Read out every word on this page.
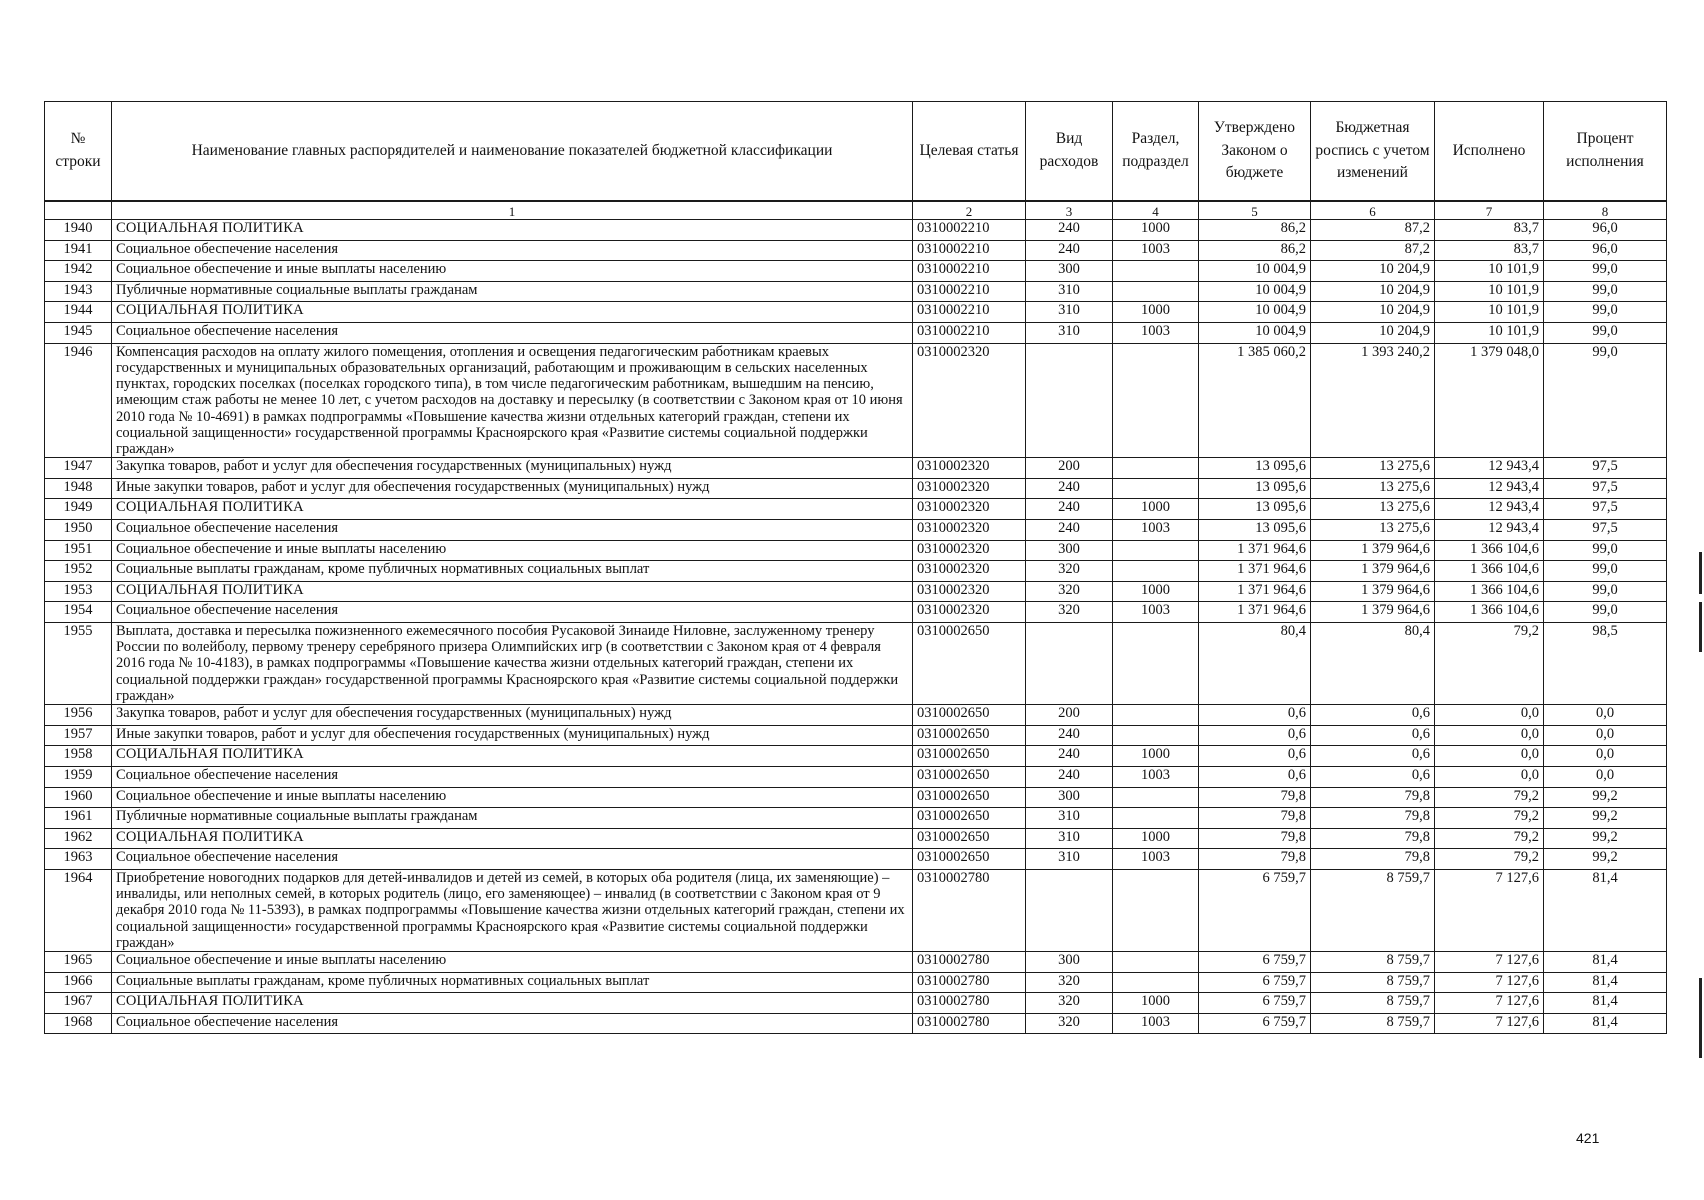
№ строки	Наименование главных распорядителей и наименование показателей бюджетной классификации	Целевая статья	Вид расходов	Раздел, подраздел	Утверждено Законом о бюджете	Бюджетная роспись с учетом изменений	Исполнено	Процент исполнения
	1	2	3	4	5	6	7	8
1940	СОЦИАЛЬНАЯ ПОЛИТИКА	0310002210	240	1000	86,2	87,2	83,7	96,0
1941	Социальное обеспечение населения	0310002210	240	1003	86,2	87,2	83,7	96,0
1942	Социальное обеспечение и иные выплаты населению	0310002210	300		10 004,9	10 204,9	10 101,9	99,0
1943	Публичные нормативные социальные выплаты гражданам	0310002210	310		10 004,9	10 204,9	10 101,9	99,0
1944	СОЦИАЛЬНАЯ ПОЛИТИКА	0310002210	310	1000	10 004,9	10 204,9	10 101,9	99,0
1945	Социальное обеспечение населения	0310002210	310	1003	10 004,9	10 204,9	10 101,9	99,0
1946	Компенсация расходов на оплату жилого помещения, отопления и освещения педагогическим работникам краевых государственных и муниципальных образовательных организаций, работающим и проживающим в сельских населенных пунктах, городских поселках (поселках городского типа), в том числе педагогическим работникам, вышедшим на пенсию, имеющим стаж работы не менее 10 лет, с учетом расходов на доставку и пересылку (в соответствии с Законом края от 10 июня 2010 года № 10-4691) в рамках подпрограммы «Повышение качества жизни отдельных категорий граждан, степени их социальной защищенности» государственной программы Красноярского края «Развитие системы социальной поддержки граждан»	0310002320			1 385 060,2	1 393 240,2	1 379 048,0	99,0
1947	Закупка товаров, работ и услуг для обеспечения государственных (муниципальных) нужд	0310002320	200		13 095,6	13 275,6	12 943,4	97,5
1948	Иные закупки товаров, работ и услуг для обеспечения государственных (муниципальных) нужд	0310002320	240		13 095,6	13 275,6	12 943,4	97,5
1949	СОЦИАЛЬНАЯ ПОЛИТИКА	0310002320	240	1000	13 095,6	13 275,6	12 943,4	97,5
1950	Социальное обеспечение населения	0310002320	240	1003	13 095,6	13 275,6	12 943,4	97,5
1951	Социальное обеспечение и иные выплаты населению	0310002320	300		1 371 964,6	1 379 964,6	1 366 104,6	99,0
1952	Социальные выплаты гражданам, кроме публичных нормативных социальных выплат	0310002320	320		1 371 964,6	1 379 964,6	1 366 104,6	99,0
1953	СОЦИАЛЬНАЯ ПОЛИТИКА	0310002320	320	1000	1 371 964,6	1 379 964,6	1 366 104,6	99,0
1954	Социальное обеспечение населения	0310002320	320	1003	1 371 964,6	1 379 964,6	1 366 104,6	99,0
1955	Выплата, доставка и пересылка пожизненного ежемесячного пособия Русаковой Зинаиде Ниловне, заслуженному тренеру России по волейболу, первому тренеру серебряного призера Олимпийских игр (в соответствии с Законом края от 4 февраля 2016 года № 10-4183), в рамках подпрограммы «Повышение качества жизни отдельных категорий граждан, степени их социальной поддержки граждан» государственной программы Красноярского края «Развитие системы социальной поддержки граждан»	0310002650			80,4	80,4	79,2	98,5
1956	Закупка товаров, работ и услуг для обеспечения государственных (муниципальных) нужд	0310002650	200		0,6	0,6	0,0	0,0
1957	Иные закупки товаров, работ и услуг для обеспечения государственных (муниципальных) нужд	0310002650	240		0,6	0,6	0,0	0,0
1958	СОЦИАЛЬНАЯ ПОЛИТИКА	0310002650	240	1000	0,6	0,6	0,0	0,0
1959	Социальное обеспечение населения	0310002650	240	1003	0,6	0,6	0,0	0,0
1960	Социальное обеспечение и иные выплаты населению	0310002650	300		79,8	79,8	79,2	99,2
1961	Публичные нормативные социальные выплаты гражданам	0310002650	310		79,8	79,8	79,2	99,2
1962	СОЦИАЛЬНАЯ ПОЛИТИКА	0310002650	310	1000	79,8	79,8	79,2	99,2
1963	Социальное обеспечение населения	0310002650	310	1003	79,8	79,8	79,2	99,2
1964	Приобретение новогодних подарков для детей-инвалидов и детей из семей, в которых оба родителя (лица, их заменяющие) – инвалиды, или неполных семей, в которых родитель (лицо, его заменяющее) – инвалид (в соответствии с Законом края от 9 декабря 2010 года № 11-5393), в рамках подпрограммы «Повышение качества жизни отдельных категорий граждан, степени их социальной защищенности» государственной программы Красноярского края «Развитие системы социальной поддержки граждан»	0310002780			6 759,7	8 759,7	7 127,6	81,4
1965	Социальное обеспечение и иные выплаты населению	0310002780	300		6 759,7	8 759,7	7 127,6	81,4
1966	Социальные выплаты гражданам, кроме публичных нормативных социальных выплат	0310002780	320		6 759,7	8 759,7	7 127,6	81,4
1967	СОЦИАЛЬНАЯ ПОЛИТИКА	0310002780	320	1000	6 759,7	8 759,7	7 127,6	81,4
1968	Социальное обеспечение населения	0310002780	320	1003	6 759,7	8 759,7	7 127,6	81,4
421
